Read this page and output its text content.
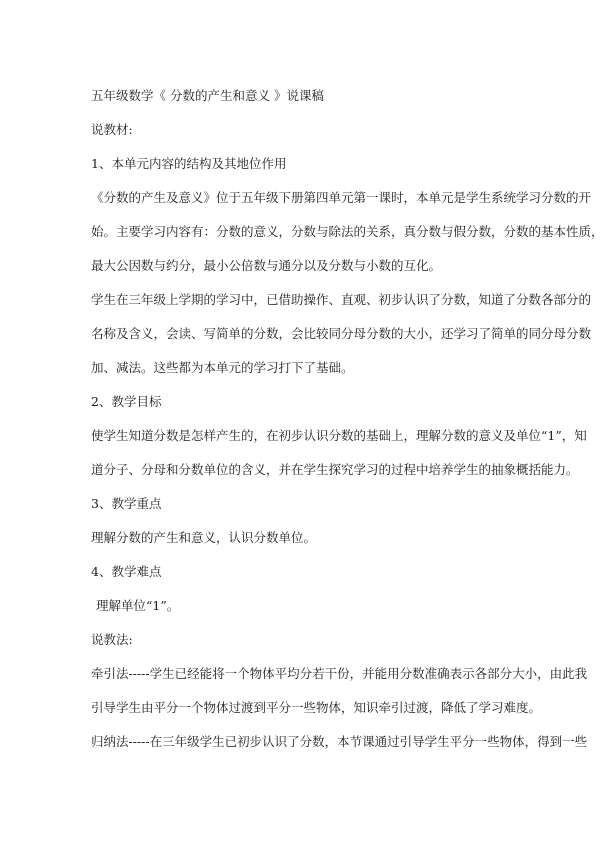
五年级数学《 分数的产生和意义 》说课稿
说教材:
1、本单元内容的结构及其地位作用
《分数的产生及意义》位于五年级下册第四单元第一课时，本单元是学生系统学习分数的开
始。主要学习内容有：分数的意义，分数与除法的关系，真分数与假分数，分数的基本性质，
最大公因数与约分，最小公倍数与通分以及分数与小数的互化。
学生在三年级上学期的学习中，已借助操作、直观、初步认识了分数，知道了分数各部分的
名称及含义，会读、写简单的分数，会比较同分母分数的大小，还学习了简单的同分母分数
加、减法。这些都为本单元的学习打下了基础。
2、教学目标
使学生知道分数是怎样产生的，在初步认识分数的基础上，理解分数的意义及单位“1”，知
道分子、分母和分数单位的含义，并在学生探究学习的过程中培养学生的抽象概括能力。
3、教学重点
理解分数的产生和意义，认识分数单位。
4、教学难点
理解单位“1”。
说教法:
牵引法-----学生已经能将一个物体平均分若干份，并能用分数准确表示各部分大小，由此我
引导学生由平分一个物体过渡到平分一些物体，知识牵引过渡，降低了学习难度。
归纳法-----在三年级学生已初步认识了分数，本节课通过引导学生平分一些物体，得到一些
